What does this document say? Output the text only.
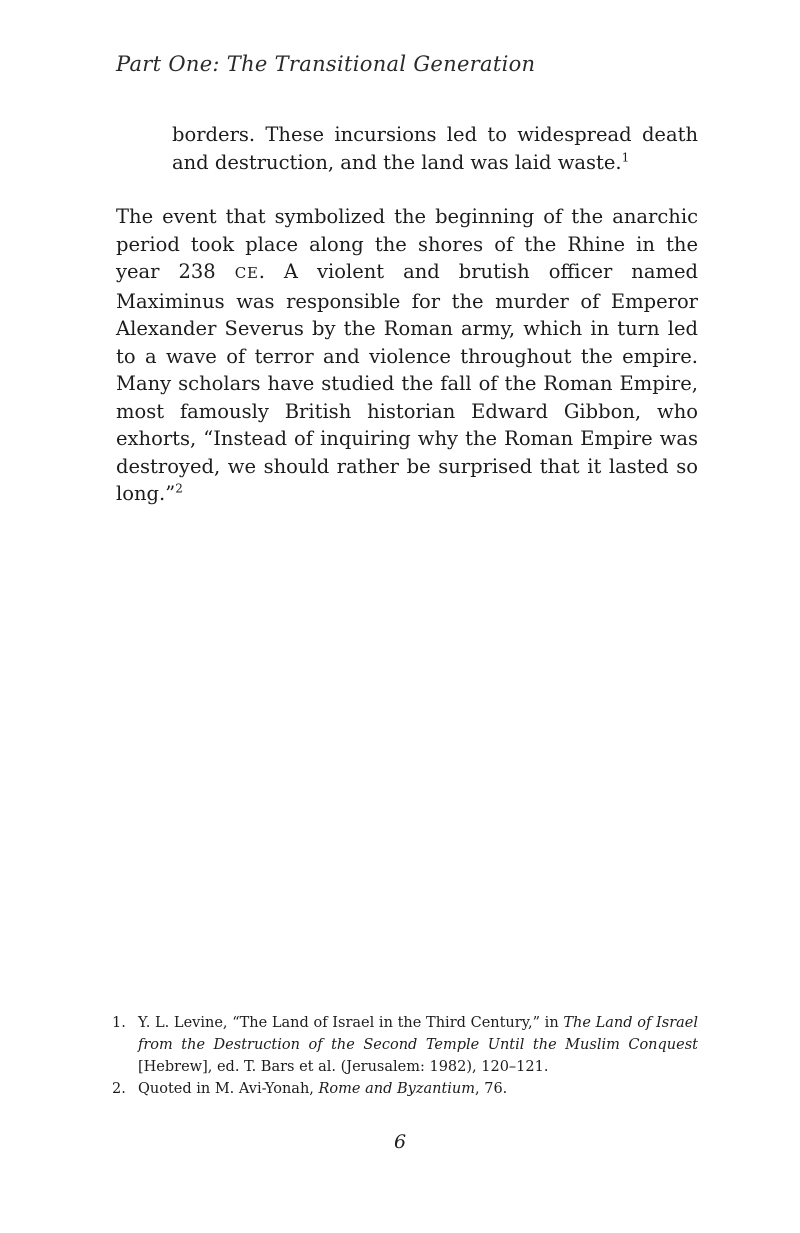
Part One: The Transitional Generation
borders. These incursions led to widespread death and destruction, and the land was laid waste.$^1$
The event that symbolized the beginning of the anarchic period took place along the shores of the Rhine in the year 238 CE. A violent and brutish officer named Maximinus was responsible for the murder of Emperor Alexander Severus by the Roman army, which in turn led to a wave of terror and violence throughout the empire. Many scholars have studied the fall of the Roman Empire, most famously British historian Edward Gibbon, who exhorts, “Instead of inquiring why the Roman Empire was destroyed, we should rather be surprised that it lasted so long.”$^2$
1. Y. L. Levine, “The Land of Israel in the Third Century,” in The Land of Israel from the Destruction of the Second Temple Until the Muslim Conquest [Hebrew], ed. T. Bars et al. (Jerusalem: 1982), 120–121.
2. Quoted in M. Avi-Yonah, Rome and Byzantium, 76.
6
